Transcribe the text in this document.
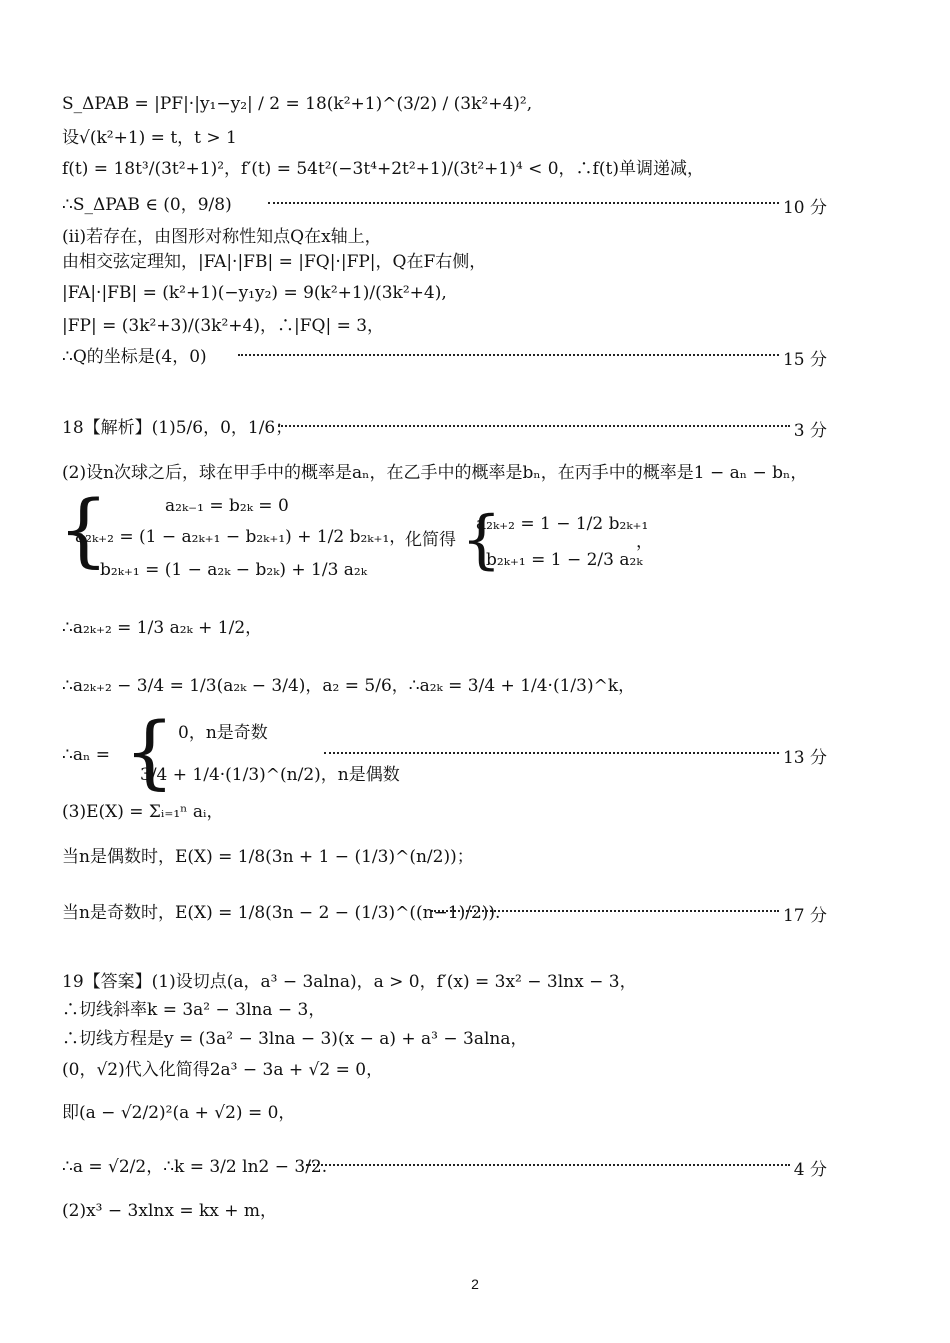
S_ΔPAB = |PF|·|y₁−y₂| / 2 = 18(k²+1)^(3/2) / (3k²+4)²,
设√(k²+1) = t，t > 1
f(t) = 18t³/(3t²+1)²，f′(t) = 54t²(−3t⁴+2t²+1)/(3t²+1)⁴ < 0，∴f(t)单调递减，
∴S_ΔPAB ∈ (0，9/8)	10 分
(ii)若存在，由图形对称性知点Q在x轴上，
由相交弦定理知，|FA|·|FB| = |FQ|·|FP|，Q在F右侧，
|FA|·|FB| = (k²+1)(−y₁y₂) = 9(k²+1)/(3k²+4),
|FP| = (3k²+3)/(3k²+4)，∴|FQ| = 3，
∴Q的坐标是(4，0)	15 分
18【解析】(1)5/6，0，1/6；	3 分
(2)设n次球之后，球在甲手中的概率是aₙ，在乙手中的概率是bₙ，在丙手中的概率是1 − aₙ − bₙ，
{	a₂ₖ₋₁ = b₂ₖ = 0
a₂ₖ₊₂ = (1 − a₂ₖ₊₁ − b₂ₖ₊₁) + 1/2 b₂ₖ₊₁，
b₂ₖ₊₁ = (1 − a₂ₖ − b₂ₖ) + 1/3 a₂ₖ
化简得 {
a₂ₖ₊₂ = 1 − 1/2 b₂ₖ₊₁
b₂ₖ₊₁ = 1 − 2/3 a₂ₖ
，
∴a₂ₖ₊₂ = 1/3 a₂ₖ + 1/2，
∴a₂ₖ₊₂ − 3/4 = 1/3(a₂ₖ − 3/4)，a₂ = 5/6，∴a₂ₖ = 3/4 + 1/4·(1/3)^k，
∴aₙ = { 0，n是奇数
3/4 + 1/4·(1/3)^(n/2)，n是偶数
13 分
(3)E(X) = Σᵢ₌₁ⁿ aᵢ，
当n是偶数时，E(X) = 1/8(3n + 1 − (1/3)^(n/2))；
当n是奇数时，E(X) = 1/8(3n − 2 − (1/3)^((n−1)/2)).	17 分
19【答案】(1)设切点(a，a³ − 3alna)，a > 0，f′(x) = 3x² − 3lnx − 3，
∴切线斜率k = 3a² − 3lna − 3，
∴切线方程是y = (3a² − 3lna − 3)(x − a) + a³ − 3alna，
(0，√2)代入化简得2a³ − 3a + √2 = 0，
即(a − √2/2)²(a + √2) = 0，
∴a = √2/2，∴k = 3/2 ln2 − 3/2.	4 分
(2)x³ − 3xlnx = kx + m，
2
